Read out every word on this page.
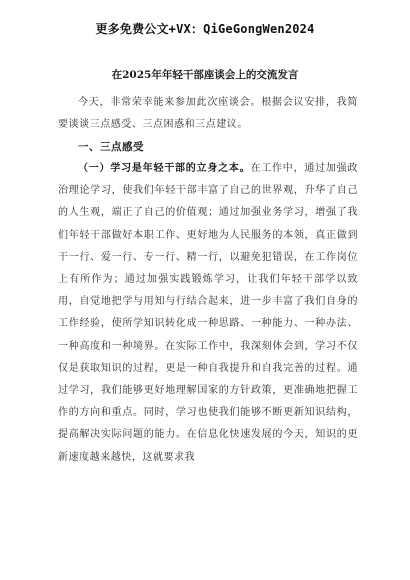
更多免费公文+VX：QiGeGongWen2024
在2025年年轻干部座谈会上的交流发言
今天，非常荣幸能来参加此次座谈会。根据会议安排，我简要谈谈三点感受、三点困惑和三点建议。
一、三点感受
（一）学习是年轻干部的立身之本。在工作中，通过加强政治理论学习，使我们年轻干部丰富了自己的世界观，升华了自己的人生观，端正了自己的价值观；通过加强业务学习，增强了我们年轻干部做好本职工作、更好地为人民服务的本领，真正做到干一行、爱一行、专一行、精一行，以避免犯错误，在工作岗位上有所作为；通过加强实践锻炼学习，让我们年轻干部学以致用，自觉地把学与用知与行结合起来，进一步丰富了我们自身的工作经验，使所学知识转化成一种思路、一种能力、一种办法、一种高度和一种境界。在实际工作中，我深刻体会到，学习不仅仅是获取知识的过程，更是一种自我提升和自我完善的过程。通过学习，我们能够更好地理解国家的方针政策，更准确地把握工作的方向和重点。同时，学习也使我们能够不断更新知识结构，提高解决实际问题的能力。在信息化快速发展的今天，知识的更新速度越来越快，这就要求我
